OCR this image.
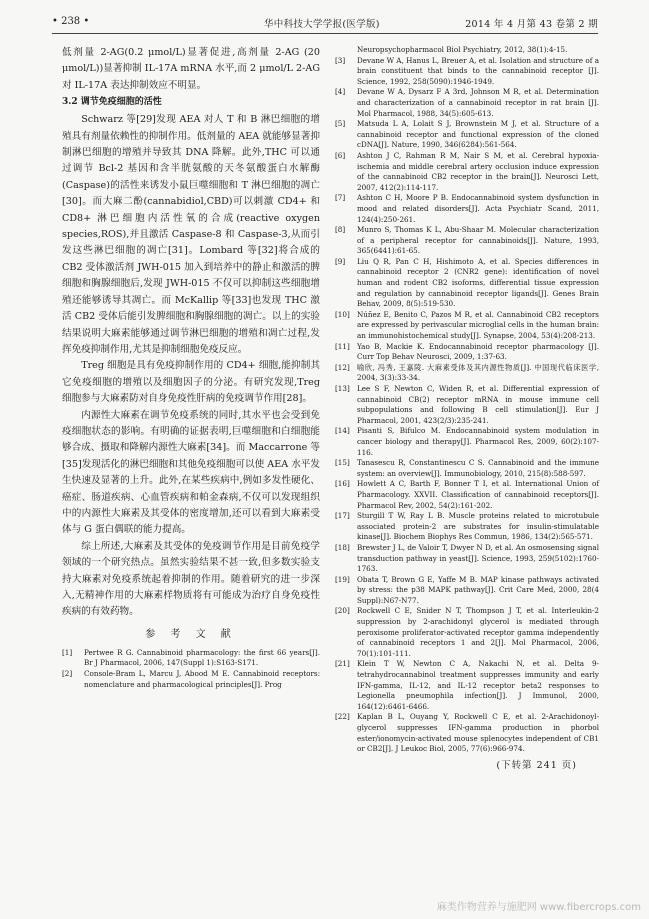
• 238 •	华中科技大学学报(医学版)	2014 年 4 月第 43 卷第 2 期

低剂量 2-AG(0.2 μmol/L)显著促进,高剂量 2-AG (20 μmol/L))显著抑制 IL-17A mRNA 水平,而 2 μmol/L 2-AG 对 IL-17A 表达抑制效应不明显。

3.2 调节免疫细胞的活性

Schwarz 等[29]发现 AEA 对人 T 和 B 淋巴细胞的增殖具有剂量依赖性的抑制作用。低剂量的 AEA 就能够显著抑制淋巴细胞的增殖并导致其 DNA 降解。此外,THC 可以通过调节 Bcl-2 基因和含半胱氨酸的天冬氨酸蛋白水解酶(Caspase)的活性来诱发小鼠巨噬细胞和 T 淋巴细胞的凋亡[30]。而大麻二酚(cannabidiol,CBD)可以刺激 CD4+ 和 CD8+ 淋巴细胞内活性氧的合成(reactive oxygen species,ROS),并且激活 Caspase-8 和 Caspase-3,从而引发这些淋巴细胞的凋亡[31]。Lombard 等[32]将合成的 CB2 受体激活剂 JWH-015 加入到培养中的静止和激活的脾细胞和胸腺细胞后,发现 JWH-015 不仅可以抑制这些细胞增殖还能够诱导其凋亡。而 McKallip 等[33]也发现 THC 激活 CB2 受体后能引发脾细胞和胸腺细胞的凋亡。以上的实验结果说明大麻素能够通过调节淋巴细胞的增殖和凋亡过程,发挥免疫抑制作用,尤其是抑制细胞免疫反应。

Treg 细胞是具有免疫抑制作用的 CD4+ 细胞,能抑制其它免疫细胞的增殖以及细胞因子的分泌。有研究发现,Treg 细胞参与大麻素防对自身免疫性肝病的免疫调节作用[28]。

内源性大麻素在调节免疫系统的同时,其水平也会受到免疫细胞状态的影响。有明确的证据表明,巨噬细胞和白细胞能够合成、摄取和降解内源性大麻素[34]。而 Maccarrone 等[35]发现活化的淋巴细胞和其他免疫细胞可以使 AEA 水平发生快速及显著的上升。此外,在某些疾病中,例如多发性硬化、癌症、肠道疾病、心血管疾病和帕金森病,不仅可以发现组织中的内源性大麻素及其受体的密度增加,还可以看到大麻素受体与 G 蛋白偶联的能力提高。

综上所述,大麻素及其受体的免疫调节作用是目前免疫学领域的一个研究热点。虽然实验结果不甚一致,但多数实验支持大麻素对免疫系统起着抑制的作用。随着研究的进一步深入,无精神作用的大麻素样物质将有可能成为治疗自身免疫性疾病的有效药物。

参 考 文 献
[1]	Pertwee R G. Cannabinoid pharmacology: the first 66 years[J]. Br J Pharmacol, 2006, 147(Suppl 1):S163-S171.
[2]	Console-Bram L, Marcu J, Abood M E. Cannabinoid receptors: nomenclature and pharmacological principles[J]. Prog
Neuropsychopharmacol Biol Psychiatry, 2012, 38(1):4-15.
[3]	Devane W A, Hanus L, Breuer A, et al. Isolation and structure of a brain constituent that binds to the cannabinoid receptor [J]. Science, 1992, 258(5090):1946-1949.
[4]	Devane W A, Dysarz F A 3rd, Johnson M R, et al. Determination and characterization of a cannabinoid receptor in rat brain [J]. Mol Pharmacol, 1988, 34(5):605-613.
[5]	Matsuda L A, Lolait S J, Brownstein M J, et al. Structure of a cannabinoid receptor and functional expression of the cloned cDNA[J]. Nature, 1990, 346(6284):561-564.
[6]	Ashton J C, Rahman R M, Nair S M, et al. Cerebral hypoxia-ischemia and middle cerebral artery occlusion induce expression of the cannabinoid CB2 receptor in the brain[J]. Neurosci Lett, 2007, 412(2):114-117.
[7]	Ashton C H, Moore P B. Endocannabinoid system dysfunction in mood and related disorders[J]. Acta Psychiatr Scand, 2011, 124(4):250-261.
[8]	Munro S, Thomas K L, Abu-Shaar M. Molecular characterization of a peripheral receptor for cannabinoids[J]. Nature, 1993, 365(6441):61-65.
[9]	Liu Q R, Pan C H, Hishimoto A, et al. Species differences in cannabinoid receptor 2 (CNR2 gene): identification of novel human and rodent CB2 isoforms, differential tissue expression and regulation by cannabinoid receptor ligands[J]. Genes Brain Behav, 2009, 8(5):519-530.
[10]	Núñez E, Benito C, Pazos M R, et al. Cannabinoid CB2 receptors are expressed by perivascular microglial cells in the human brain: an immunohistochemical study[J]. Synapse, 2004, 53(4):208-213.
[11]	Yao B, Mackie K. Endocannabinoid receptor pharmacology [J]. Curr Top Behav Neurosci, 2009, 1:37-63.
[12]	喻欣, 冯秀, 王嘉陵. 大麻素受体及其内源性物质[J]. 中国现代临床医学, 2004, 3(3):33-34.
[13]	Lee S F, Newton C, Widen R, et al. Differential expression of cannabinoid CB(2) receptor mRNA in mouse immune cell subpopulations and following B cell stimulation[J]. Eur J Pharmacol, 2001, 423(2/3):235-241.
[14]	Pisanti S, Bifulco M. Endocannabinoid system modulation in cancer biology and therapy[J]. Pharmacol Res, 2009, 60(2):107-116.
[15]	Tanasescu R, Constantinescu C S. Cannabinoid and the immune system: an overview[J]. Immunobiology, 2010, 215(8):588-597.
[16]	Howlett A C, Barth F, Bonner T I, et al. International Union of Pharmacology. XXVII. Classification of cannabinoid receptors[J]. Pharmacol Rev, 2002, 54(2):161-202.
[17]	Sturgill T W, Ray L B. Muscle proteins related to microtubule associated protein-2 are substrates for insulin-stimulatable kinase[J]. Biochem Biophys Res Commun, 1986, 134(2):565-571.
[18]	Brewster J L, de Valoir T, Dwyer N D, et al. An osmosensing signal transduction pathway in yeast[J]. Science, 1993, 259(5102):1760-1763.
[19]	Obata T, Brown G E, Yaffe M B. MAP kinase pathways activated by stress: the p38 MAPK pathway[J]. Crit Care Med, 2000, 28(4 Suppl):N67-N77.
[20]	Rockwell C E, Snider N T, Thompson J T, et al. Interleukin-2 suppression by 2-arachidonyl glycerol is mediated through peroxisome proliferator-activated receptor gamma independently of cannabinoid receptors 1 and 2[J]. Mol Pharmacol, 2006, 70(1):101-111.
[21]	Klein T W, Newton C A, Nakachi N, et al. Delta 9-tetrahydrocannabinol treatment suppresses immunity and early IFN-gamma, IL-12, and IL-12 receptor beta2 responses to Legionella pneumophila infection[J]. J Immunol, 2000, 164(12):6461-6466.
[22]	Kaplan B L, Ouyang Y, Rockwell C E, et al. 2-Arachidonoyl-glycerol suppresses IFN-gamma production in phorbol ester/ionomycin-activated mouse splenocytes independent of CB1 or CB2[J]. J Leukoc Biol, 2005, 77(6):966-974.
(下转第 241 页)
麻类作物营养与施肥网 www.fibercrops.com
